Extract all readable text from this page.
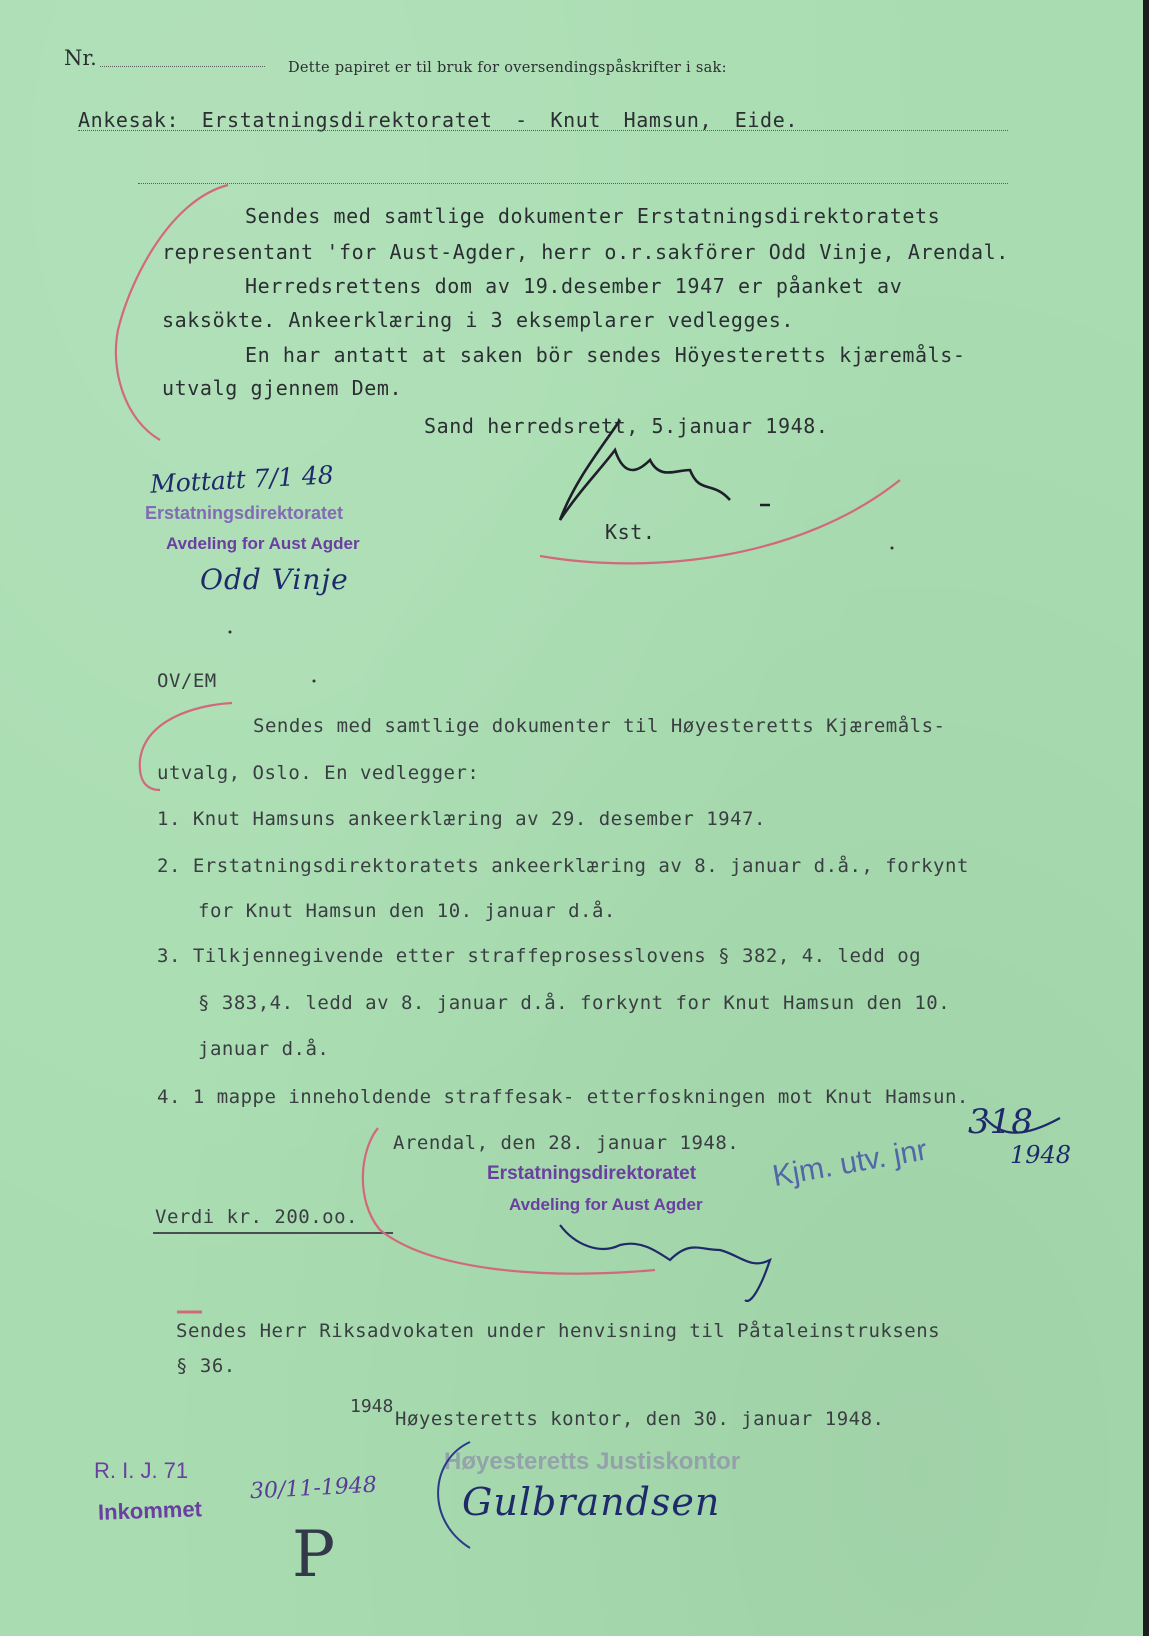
Nr.	Dette papiret er til bruk for oversendingspåskrifter i sak:
Ankesak: Erstatningsdirektoratet - Knut Hamsun, Eide.
Sendes med samtlige dokumenter Erstatningsdirektoratets
representant 'for Aust-Agder, herr o.r.sakförer Odd Vinje, Arendal.
Herredsrettens dom av 19.desember 1947 er påanket av
saksökte. Ankeerklæring i 3 eksemplarer vedlegges.
En har antatt at saken bör sendes Höyesteretts kjæremåls-
utvalg gjennem Dem.
Sand herredsrett, 5.januar 1948.
Kst.
Mottatt 7/1 48
Erstatningsdirektoratet
Avdeling for Aust Agder
Odd Vinje
OV/EM
Sendes med samtlige dokumenter til Høyesteretts Kjæremåls-
utvalg, Oslo. En vedlegger:
1. Knut Hamsuns ankeerklæring av 29. desember 1947.
2. Erstatningsdirektoratets ankeerklæring av 8. januar d.å., forkynt
for Knut Hamsun den 10. januar d.å.
3. Tilkjennegivende etter straffeprosesslovens § 382, 4. ledd og
§ 383,4. ledd av 8. januar d.å. forkynt for Knut Hamsun den 10.
januar d.å.
4. 1 mappe inneholdende straffesak- etterfoskningen mot Knut Hamsun.
Arendal, den 28. januar 1948.
Verdi kr. 200.oo.
Erstatningsdirektoratet
Avdeling for Aust Agder
Kjm. utv. jnr
318
1948
Sendes Herr Riksadvokaten under henvisning til Påtaleinstruksens
§ 36.
Høyesteretts kontor, den 30. januar 1948.
1948
Høyesteretts Justiskontor
Gulbrandsen
R. I. J. 71
Inkommet
30/11-1948
P
